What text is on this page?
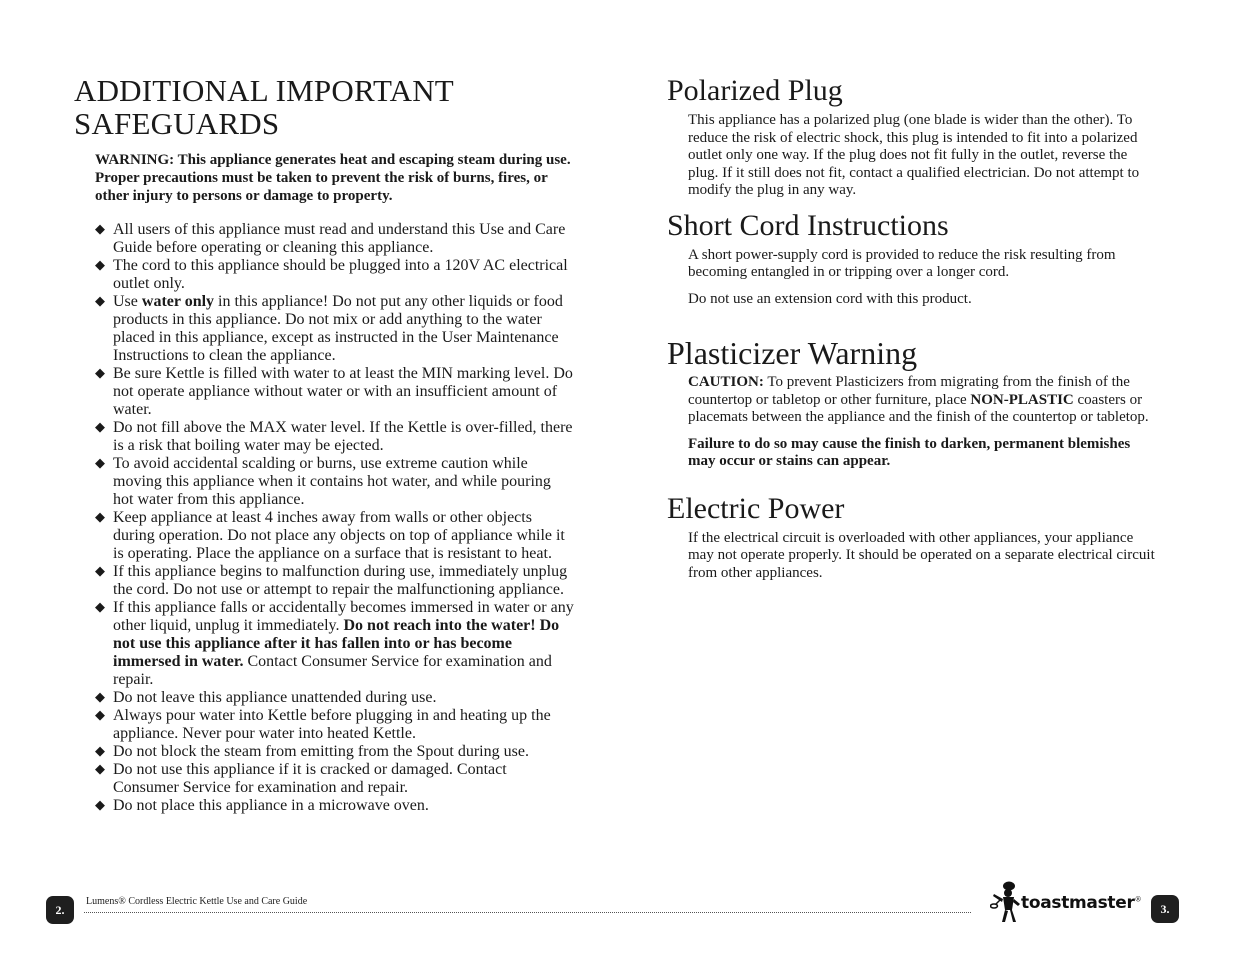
ADDITIONAL IMPORTANT
SAFEGUARDS
WARNING: This appliance generates heat and escaping steam during use. Proper precautions must be taken to prevent the risk of burns, fires, or other injury to persons or damage to property.
◆ All users of this appliance must read and understand this Use and Care Guide before operating or cleaning this appliance.
◆ The cord to this appliance should be plugged into a 120V AC electrical outlet only.
◆ Use water only in this appliance! Do not put any other liquids or food products in this appliance. Do not mix or add anything to the water placed in this appliance, except as instructed in the User Maintenance Instructions to clean the appliance.
◆ Be sure Kettle is filled with water to at least the MIN marking level. Do not operate appliance without water or with an insufficient amount of water.
◆ Do not fill above the MAX water level. If the Kettle is over-filled, there is a risk that boiling water may be ejected.
◆ To avoid accidental scalding or burns, use extreme caution while moving this appliance when it contains hot water, and while pouring hot water from this appliance.
◆ Keep appliance at least 4 inches away from walls or other objects during operation. Do not place any objects on top of appliance while it is operating. Place the appliance on a surface that is resistant to heat.
◆ If this appliance begins to malfunction during use, immediately unplug the cord. Do not use or attempt to repair the malfunctioning appliance.
◆ If this appliance falls or accidentally becomes immersed in water or any other liquid, unplug it immediately. Do not reach into the water! Do not use this appliance after it has fallen into or has become immersed in water. Contact Consumer Service for examination and repair.
◆ Do not leave this appliance unattended during use.
◆ Always pour water into Kettle before plugging in and heating up the appliance. Never pour water into heated Kettle.
◆ Do not block the steam from emitting from the Spout during use.
◆ Do not use this appliance if it is cracked or damaged. Contact Consumer Service for examination and repair.
◆ Do not place this appliance in a microwave oven.
Polarized Plug

This appliance has a polarized plug (one blade is wider than the other). To reduce the risk of electric shock, this plug is intended to fit into a polarized outlet only one way. If the plug does not fit fully in the outlet, reverse the plug. If it still does not fit, contact a qualified electrician. Do not attempt to modify the plug in any way.

Short Cord Instructions

A short power-supply cord is provided to reduce the risk resulting from becoming entangled in or tripping over a longer cord.

Do not use an extension cord with this product.

Plasticizer Warning

CAUTION: To prevent Plasticizers from migrating from the finish of the countertop or tabletop or other furniture, place NON-PLASTIC coasters or placemats between the appliance and the finish of the countertop or tabletop.

Failure to do so may cause the finish to darken, permanent blemishes may occur or stains can appear.

Electric Power

If the electrical circuit is overloaded with other appliances, your appliance may not operate properly. It should be operated on a separate electrical circuit from other appliances.

2.
Lumens® Cordless Electric Kettle Use and Care Guide	toastmaster®
3.
